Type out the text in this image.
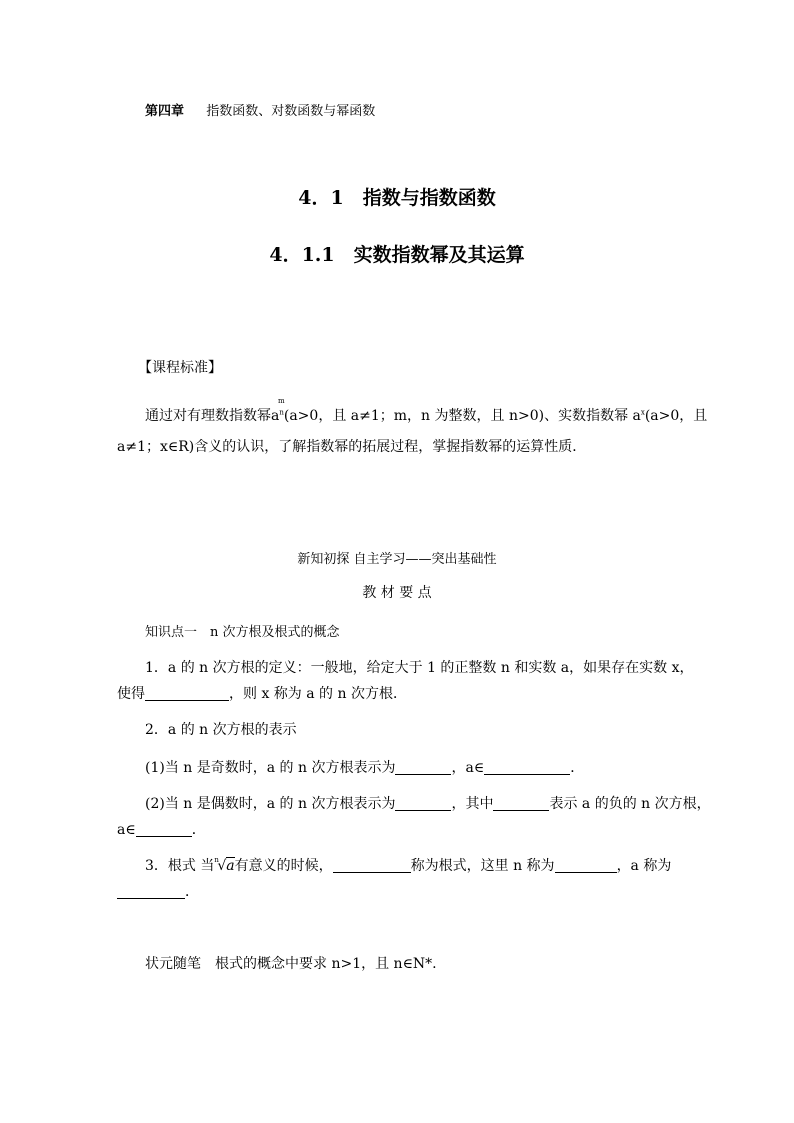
第四章 指数函数、对数函数与幂函数
4．1　指数与指数函数
4．1.1　实数指数幂及其运算
【课程标准】
通过对有理数指数幂$a^n$
m
(a>0，且 a≠1；m，n 为整数，且 n>0)、实数指数幂 $a^x(a>0$，且
a≠1；x∈R)含义的认识，了解指数幂的拓展过程，掌握指数幂的运算性质．
新知初探 自主学习——突出基础性
教 材 要 点
知识点一　n 次方根及根式的概念
1．a 的 n 次方根的定义：一般地，给定大于 1 的正整数 n 和实数 a，如果存在实数 x，
使得	，则 x 称为 a 的 n 次方根．
2．a 的 n 次方根的表示
(1)当 n 是奇数时，a 的 n 次方根表示为	，a∈	．
(2)当 n 是偶数时，a 的 n 次方根表示为	，其中	表示 a 的负的 n 次方根，
a∈	．
3．根式 当 n
√a有意义的时候，	称为根式，这里 n 称为	，a 称为
．
状元随笔 根式的概念中要求 n>1，且 n∈N*.
